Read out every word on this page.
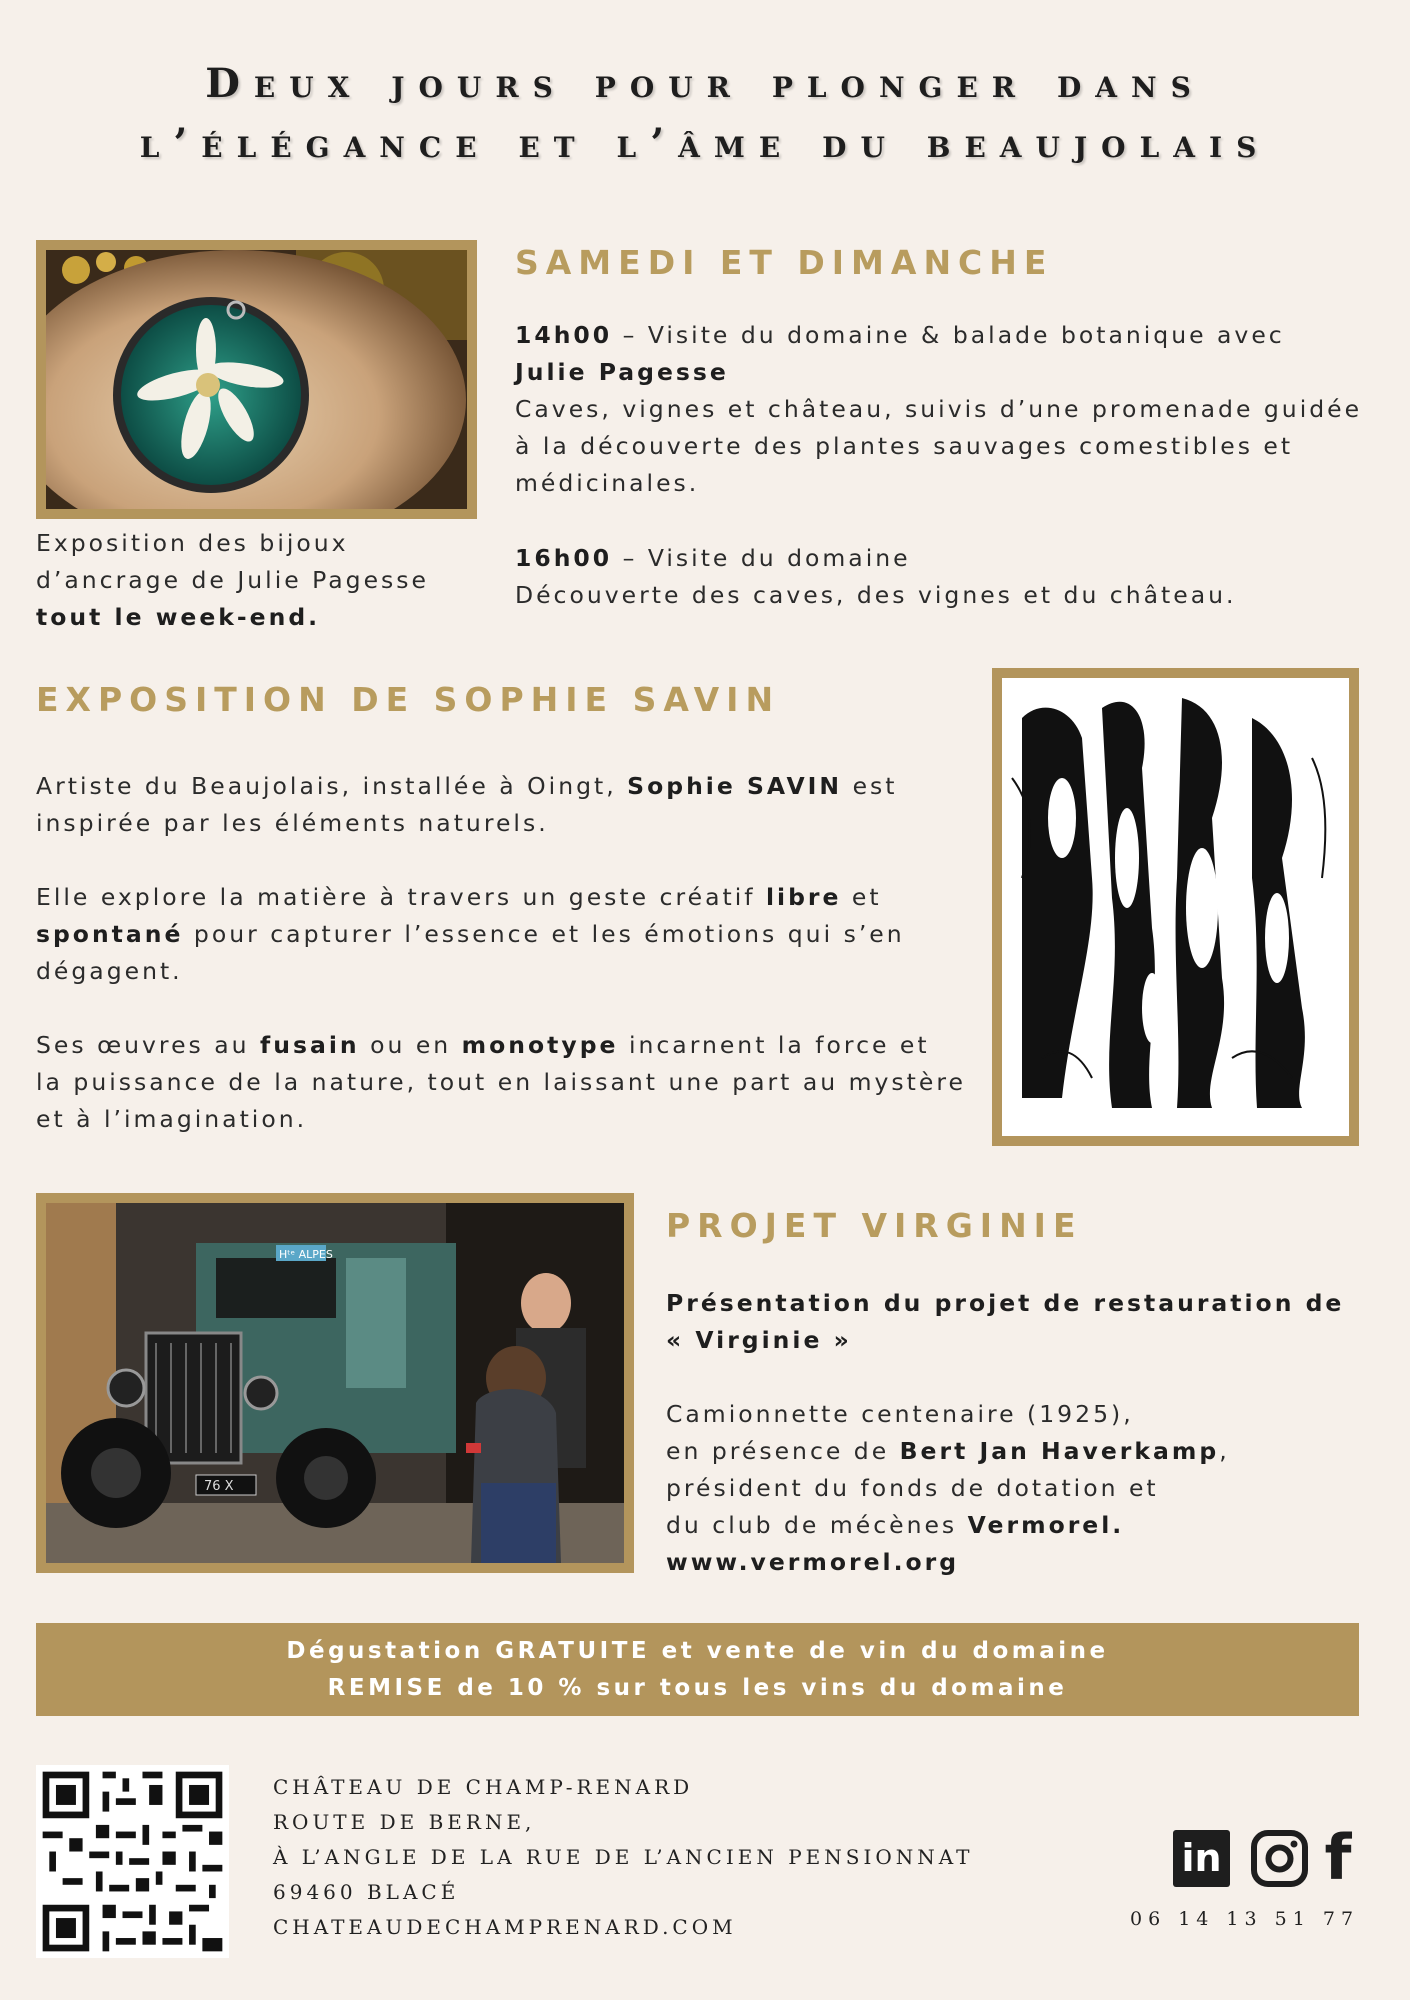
Deux jours pour plonger dans
l’élégance et l’âme du beaujolais
Exposition des bijoux d’ancrage de Julie Pagesse tout le week-end.
SAMEDI ET DIMANCHE
14h00 – Visite du domaine & balade botanique avec Julie Pagesse
Caves, vignes et château, suivis d’une promenade guidée à la découverte des plantes sauvages comestibles et médicinales.
16h00 – Visite du domaine
Découverte des caves, des vignes et du château.
EXPOSITION DE SOPHIE SAVIN
Artiste du Beaujolais, installée à Oingt, Sophie SAVIN est inspirée par les éléments naturels.
Elle explore la matière à travers un geste créatif libre et spontané pour capturer l’essence et les émotions qui s’en dégagent.
Ses œuvres au fusain ou en monotype incarnent la force et la puissance de la nature, tout en laissant une part au mystère et à l’imagination.
Hᵗᵉ ALPES
76 X
PROJET VIRGINIE
Présentation du projet de restauration de « Virginie »
Camionnette centenaire (1925),
en présence de Bert Jan Haverkamp,
président du fonds de dotation et
du club de mécènes Vermorel.
www.vermorel.org
Dégustation GRATUITE et vente de vin du domaine
REMISE de 10 % sur tous les vins du domaine
CHÂTEAU DE CHAMP-RENARD
ROUTE DE BERNE,
À L’ANGLE DE LA RUE DE L’ANCIEN PENSIONNAT
69460 BLACÉ
CHATEAUDECHAMPRENARD.COM
in f
06 14 13 51 77
